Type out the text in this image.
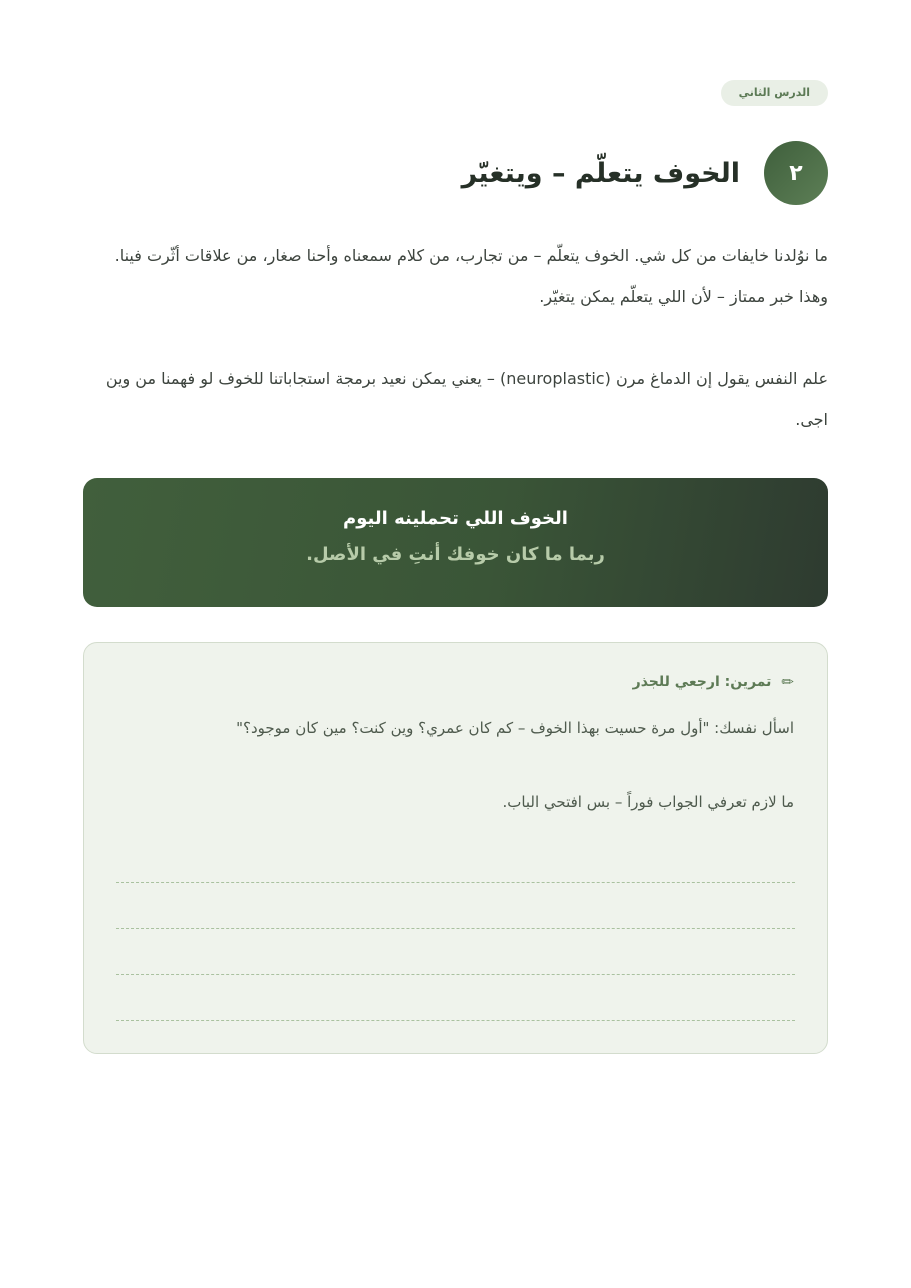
الدرس الثاني
٢
الخوف يتعلّم – ويتغيّر

ما نوُلدنا خايفات من كل شي. الخوف يتعلّم – من تجارب، من كلام سمعناه وأحنا صغار، من علاقات أثّرت فينا. وهذا خبر ممتاز – لأن اللي يتعلّم يمكن يتغيّر.

علم النفس يقول إن الدماغ مرن (neuroplastic) – يعني يمكن نعيد برمجة استجاباتنا للخوف لو فهمنا من وين اجى.

الخوف اللي تحملينه اليوم
ربما ما كان خوفك أنتِ في الأصل.
✏
تمرين: ارجعي للجذر

اسأل نفسك: "أول مرة حسيت بهذا الخوف – كم كان عمري؟ وين كنت؟ مين كان موجود؟"

ما لازم تعرفي الجواب فوراً – بس افتحي الباب.
